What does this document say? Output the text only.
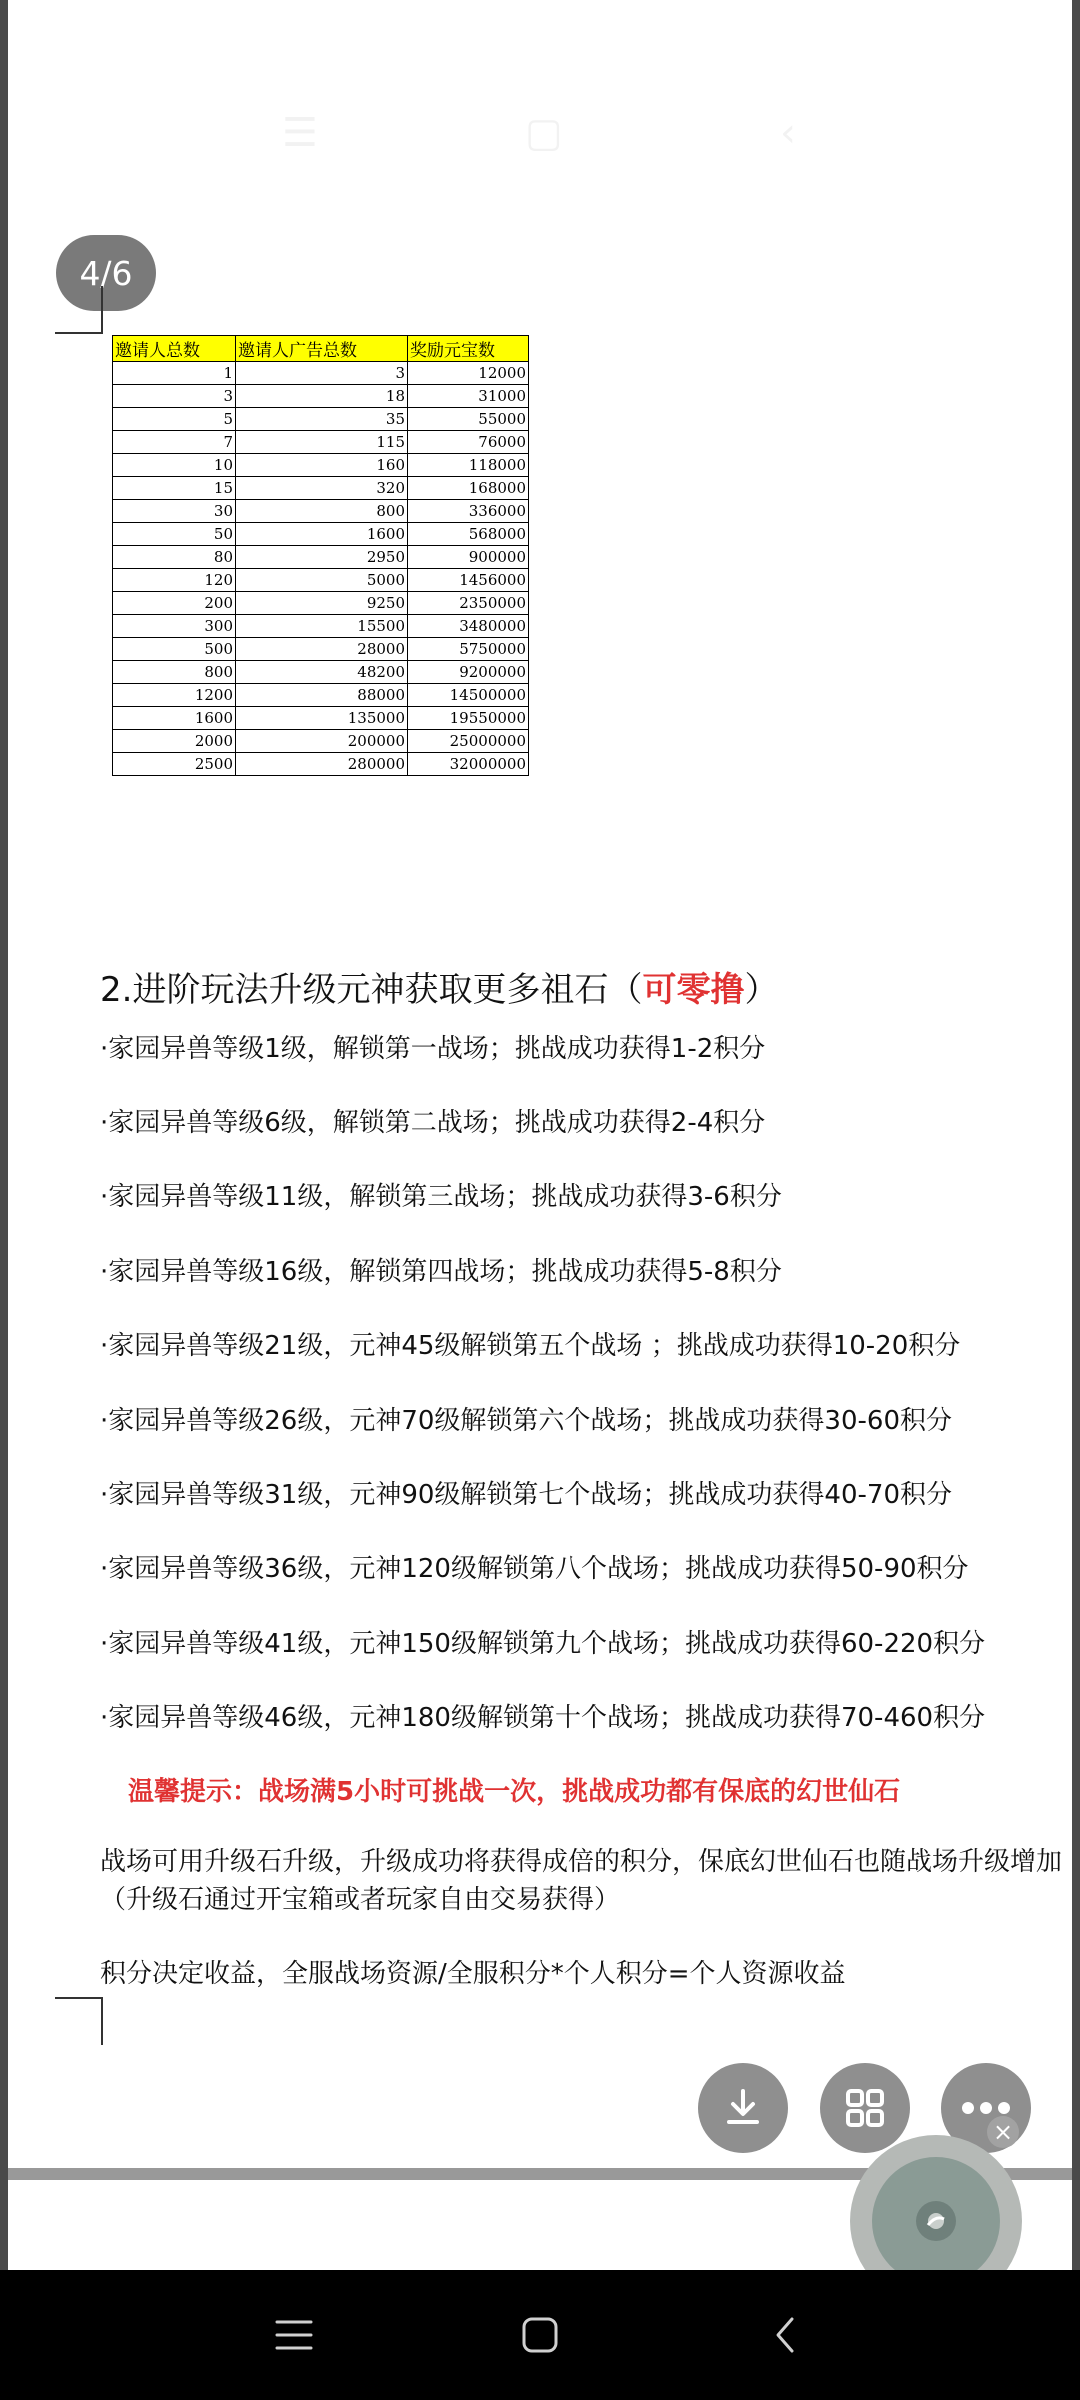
☰	▢	‹
4/6
邀请人总数	邀请人广告总数	奖励元宝数
1	3	12000
3	18	31000
5	35	55000
7	115	76000
10	160	118000
15	320	168000
30	800	336000
50	1600	568000
80	2950	900000
120	5000	1456000
200	9250	2350000
300	15500	3480000
500	28000	5750000
800	48200	9200000
1200	88000	14500000
1600	135000	19550000
2000	200000	25000000
2500	280000	32000000
2.进阶玩法升级元神获取更多祖石（可零撸）
·家园异兽等级1级，解锁第一战场；挑战成功获得1-2积分
·家园异兽等级6级，解锁第二战场；挑战成功获得2-4积分
·家园异兽等级11级，解锁第三战场；挑战成功获得3-6积分
·家园异兽等级16级，解锁第四战场；挑战成功获得5-8积分
·家园异兽等级21级，元神45级解锁第五个战场 ；挑战成功获得10-20积分
·家园异兽等级26级，元神70级解锁第六个战场；挑战成功获得30-60积分
·家园异兽等级31级，元神90级解锁第七个战场；挑战成功获得40-70积分
·家园异兽等级36级，元神120级解锁第八个战场；挑战成功获得50-90积分
·家园异兽等级41级，元神150级解锁第九个战场；挑战成功获得60-220积分
·家园异兽等级46级，元神180级解锁第十个战场；挑战成功获得70-460积分
温馨提示：战场满5小时可挑战一次，挑战成功都有保底的幻世仙石
战场可用升级石升级，升级成功将获得成倍的积分，保底幻世仙石也随战场升级增加（升级石通过开宝箱或者玩家自由交易获得）
积分决定收益，全服战场资源/全服积分*个人积分=个人资源收益
×
